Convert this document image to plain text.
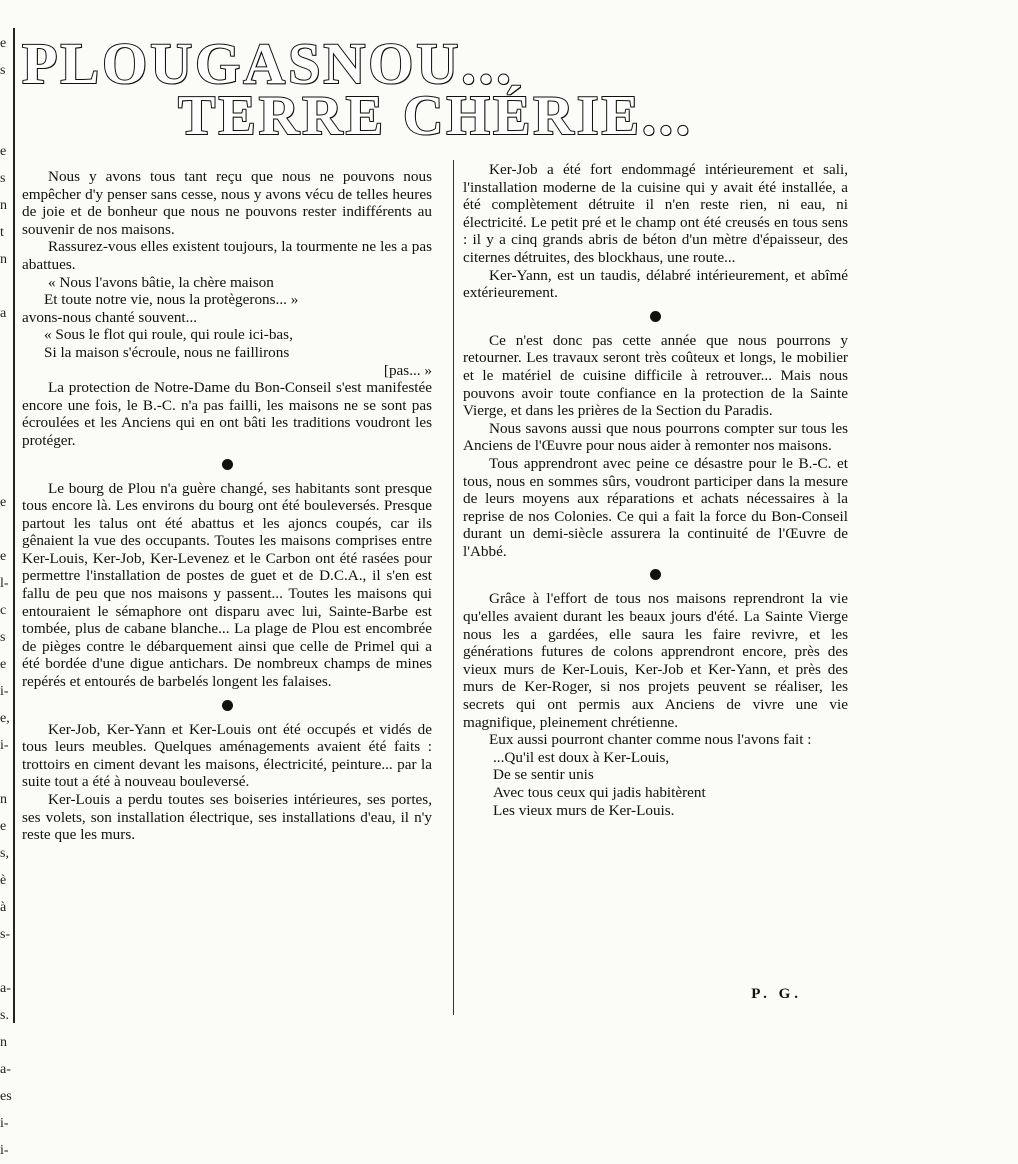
e
s

e
s
n
t
n

a

e

e
l-
c
s
e
i-
e,
i-

n
e
s,
è
à
s-

a-
s.
n
a-
es
i-
i-
PLOUGASNOU...
TERRE CHÉRIE...

Nous y avons tous tant reçu que nous ne pouvons nous empêcher d'y penser sans cesse, nous y avons vécu de telles heures de joie et de bonheur que nous ne pouvons rester indifférents au souvenir de nos maisons.

Rassurez-vous elles existent toujours, la tourmente ne les a pas abattues.

« Nous l'avons bâtie, la chère maison

Et toute notre vie, nous la protègerons... »

avons-nous chanté souvent...

« Sous le flot qui roule, qui roule ici-bas,

Si la maison s'écroule, nous ne faillirons

[pas... »

La protection de Notre-Dame du Bon-Conseil s'est manifestée encore une fois, le B.-C. n'a pas failli, les maisons ne se sont pas écroulées et les Anciens qui en ont bâti les traditions voudront les protéger.

Le bourg de Plou n'a guère changé, ses habitants sont presque tous encore là. Les environs du bourg ont été bouleversés. Presque partout les talus ont été abattus et les ajoncs coupés, car ils gênaient la vue des occupants. Toutes les maisons comprises entre Ker-Louis, Ker-Job, Ker-Levenez et le Carbon ont été rasées pour permettre l'installation de postes de guet et de D.C.A., il s'en est fallu de peu que nos maisons y passent... Toutes les maisons qui entouraient le sémaphore ont disparu avec lui, Sainte-Barbe est tombée, plus de cabane blanche... La plage de Plou est encombrée de pièges contre le débarquement ainsi que celle de Primel qui a été bordée d'une digue antichars. De nombreux champs de mines repérés et entourés de barbelés longent les falaises.

Ker-Job, Ker-Yann et Ker-Louis ont été occupés et vidés de tous leurs meubles. Quelques aménagements avaient été faits : trottoirs en ciment devant les maisons, électricité, peinture... par la suite tout a été à nouveau bouleversé.

Ker-Louis a perdu toutes ses boiseries intérieures, ses portes, ses volets, son installation électrique, ses installations d'eau, il n'y reste que les murs.

Ker-Job a été fort endommagé intérieurement et sali, l'installation moderne de la cuisine qui y avait été installée, a été complètement détruite il n'en reste rien, ni eau, ni électricité. Le petit pré et le champ ont été creusés en tous sens : il y a cinq grands abris de béton d'un mètre d'épaisseur, des citernes détruites, des blockhaus, une route...

Ker-Yann, est un taudis, délabré intérieurement, et abîmé extérieurement.

Ce n'est donc pas cette année que nous pourrons y retourner. Les travaux seront très coûteux et longs, le mobilier et le matériel de cuisine difficile à retrouver... Mais nous pouvons avoir toute confiance en la protection de la Sainte Vierge, et dans les prières de la Section du Paradis.

Nous savons aussi que nous pourrons compter sur tous les Anciens de l'Œuvre pour nous aider à remonter nos maisons.

Tous apprendront avec peine ce désastre pour le B.-C. et tous, nous en sommes sûrs, voudront participer dans la mesure de leurs moyens aux réparations et achats nécessaires à la reprise de nos Colonies. Ce qui a fait la force du Bon-Conseil durant un demi-siècle assurera la continuité de l'Œuvre de l'Abbé.

Grâce à l'effort de tous nos maisons reprendront la vie qu'elles avaient durant les beaux jours d'été. La Sainte Vierge nous les a gardées, elle saura les faire revivre, et les générations futures de colons apprendront encore, près des vieux murs de Ker-Louis, Ker-Job et Ker-Yann, et près des murs de Ker-Roger, si nos projets peuvent se réaliser, les secrets qui ont permis aux Anciens de vivre une vie magnifique, pleinement chrétienne.

Eux aussi pourront chanter comme nous l'avons fait :

...Qu'il est doux à Ker-Louis,

De se sentir unis

Avec tous ceux qui jadis habitèrent

Les vieux murs de Ker-Louis.

P. G.
